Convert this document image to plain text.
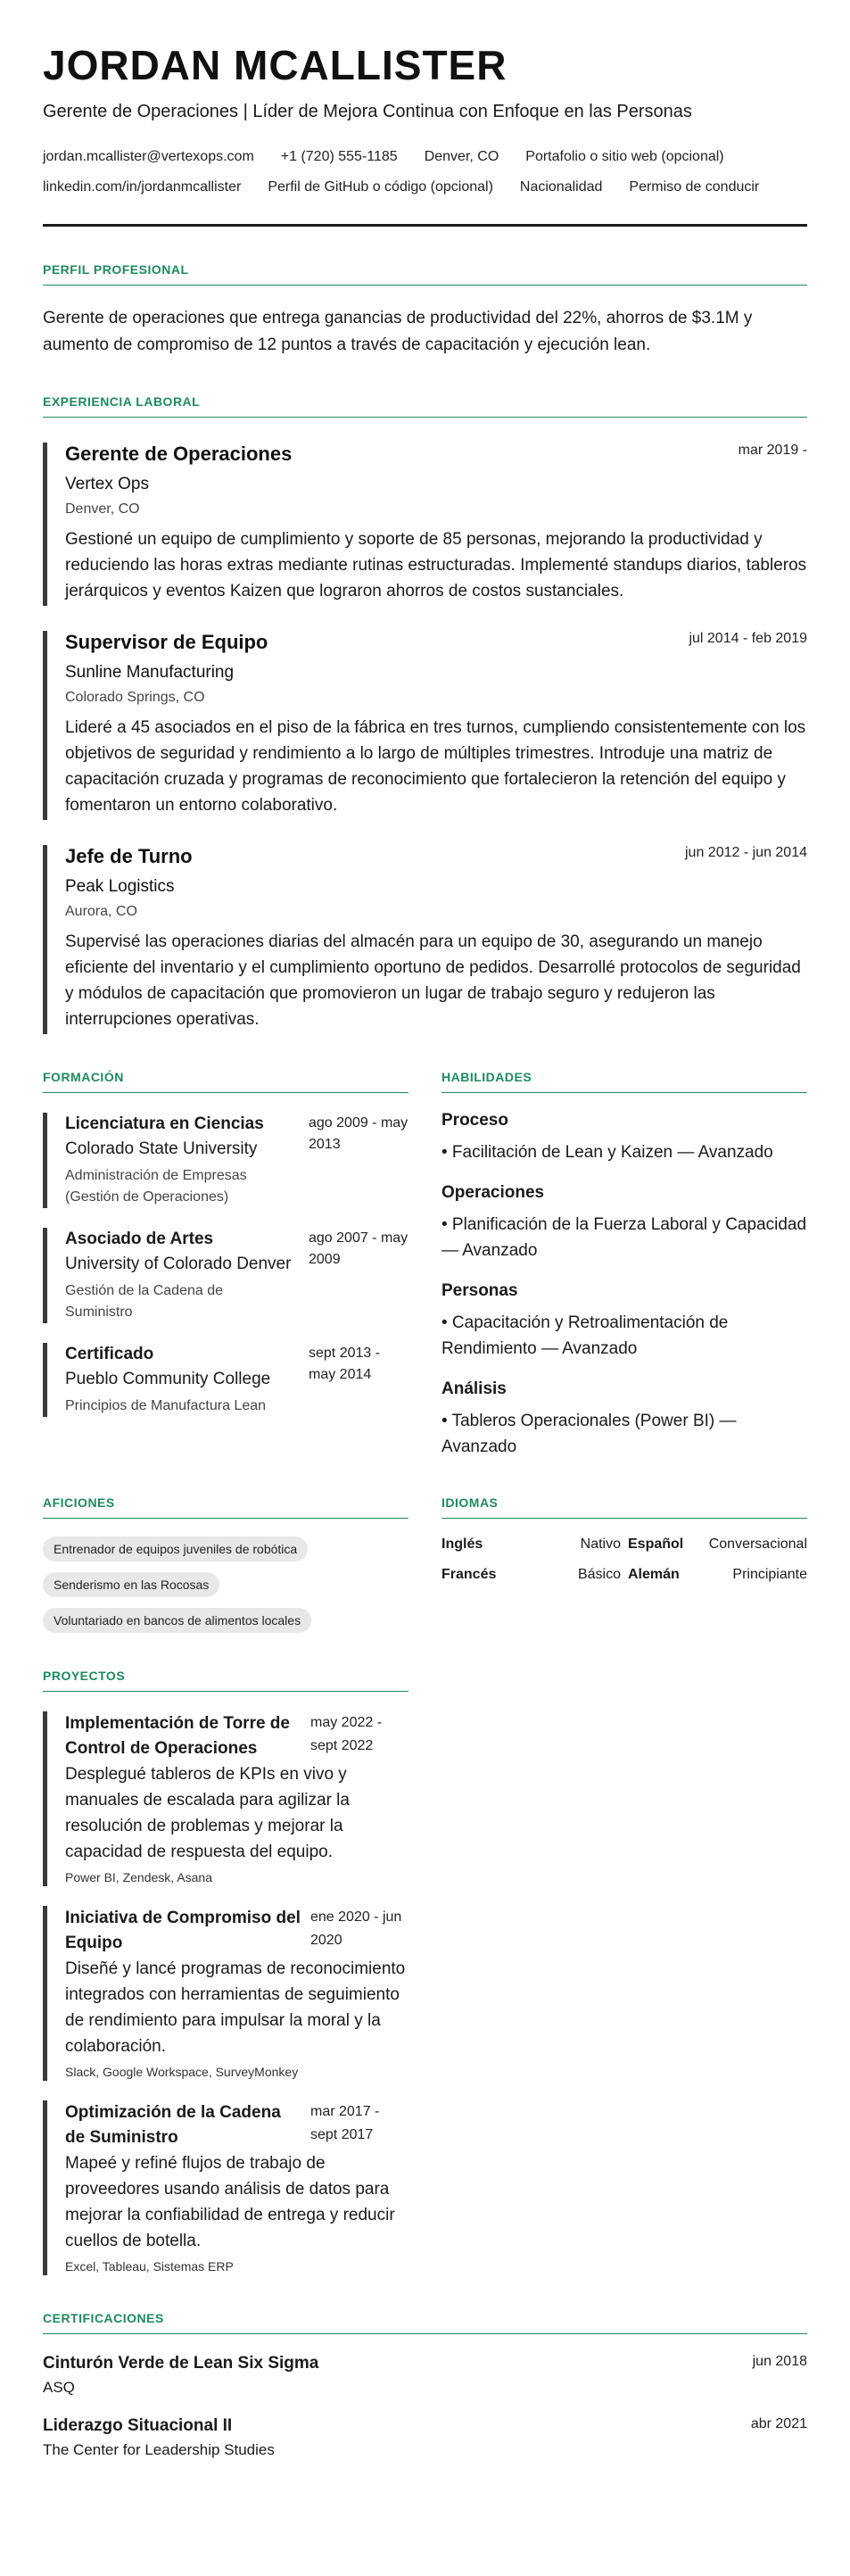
JORDAN MCALLISTER
Gerente de Operaciones | Líder de Mejora Continua con Enfoque en las Personas
jordan.mcallister@vertexops.com +1 (720) 555-1185 Denver, CO Portafolio o sitio web (opcional)
linkedin.com/in/jordanmcallister Perfil de GitHub o código (opcional) Nacionalidad Permiso de conducir
PERFIL PROFESIONAL
Gerente de operaciones que entrega ganancias de productividad del 22%, ahorros de $3.1M y aumento de compromiso de 12 puntos a través de capacitación y ejecución lean.
EXPERIENCIA LABORAL
mar 2019 -
Gerente de Operaciones
Vertex Ops
Denver, CO
Gestioné un equipo de cumplimiento y soporte de 85 personas, mejorando la productividad y reduciendo las horas extras mediante rutinas estructuradas. Implementé standups diarios, tableros jerárquicos y eventos Kaizen que lograron ahorros de costos sustanciales.
jul 2014 - feb 2019
Supervisor de Equipo
Sunline Manufacturing
Colorado Springs, CO
Lideré a 45 asociados en el piso de la fábrica en tres turnos, cumpliendo consistentemente con los objetivos de seguridad y rendimiento a lo largo de múltiples trimestres. Introduje una matriz de capacitación cruzada y programas de reconocimiento que fortalecieron la retención del equipo y fomentaron un entorno colaborativo.
jun 2012 - jun 2014
Jefe de Turno
Peak Logistics
Aurora, CO
Supervisé las operaciones diarias del almacén para un equipo de 30, asegurando un manejo eficiente del inventario y el cumplimiento oportuno de pedidos. Desarrollé protocolos de seguridad y módulos de capacitación que promovieron un lugar de trabajo seguro y redujeron las interrupciones operativas.
FORMACIÓN
Licenciatura en Ciencias
Colorado State University
Administración de Empresas (Gestión de Operaciones)
ago 2009 - may 2013
Asociado de Artes
University of Colorado Denver
Gestión de la Cadena de Suministro
ago 2007 - may 2009
Certificado
Pueblo Community College
Principios de Manufactura Lean
sept 2013 - may 2014
HABILIDADES
Proceso
• Facilitación de Lean y Kaizen — Avanzado
Operaciones
• Planificación de la Fuerza Laboral y Capacidad — Avanzado
Personas
• Capacitación y Retroalimentación de Rendimiento — Avanzado
Análisis
• Tableros Operacionales (Power BI) — Avanzado
AFICIONES
Entrenador de equipos juveniles de robótica
Senderismo en las Rocosas
Voluntariado en bancos de alimentos locales
IDIOMAS
Inglés	Nativo Español Conversacional
Francés	Básico Alemán	Principiante
PROYECTOS
Implementación de Torre de Control de Operaciones
may 2022 - sept 2022
Desplegué tableros de KPIs en vivo y manuales de escalada para agilizar la resolución de problemas y mejorar la capacidad de respuesta del equipo.
Power BI, Zendesk, Asana
Iniciativa de Compromiso del Equipo
ene 2020 - jun 2020
Diseñé y lancé programas de reconocimiento integrados con herramientas de seguimiento de rendimiento para impulsar la moral y la colaboración.
Slack, Google Workspace, SurveyMonkey
Optimización de la Cadena de Suministro
mar 2017 - sept 2017
Mapeé y refiné flujos de trabajo de proveedores usando análisis de datos para mejorar la confiabilidad de entrega y reducir cuellos de botella.
Excel, Tableau, Sistemas ERP
CERTIFICACIONES
Cinturón Verde de Lean Six Sigma
ASQ
jun 2018
Liderazgo Situacional II
The Center for Leadership Studies
abr 2021
